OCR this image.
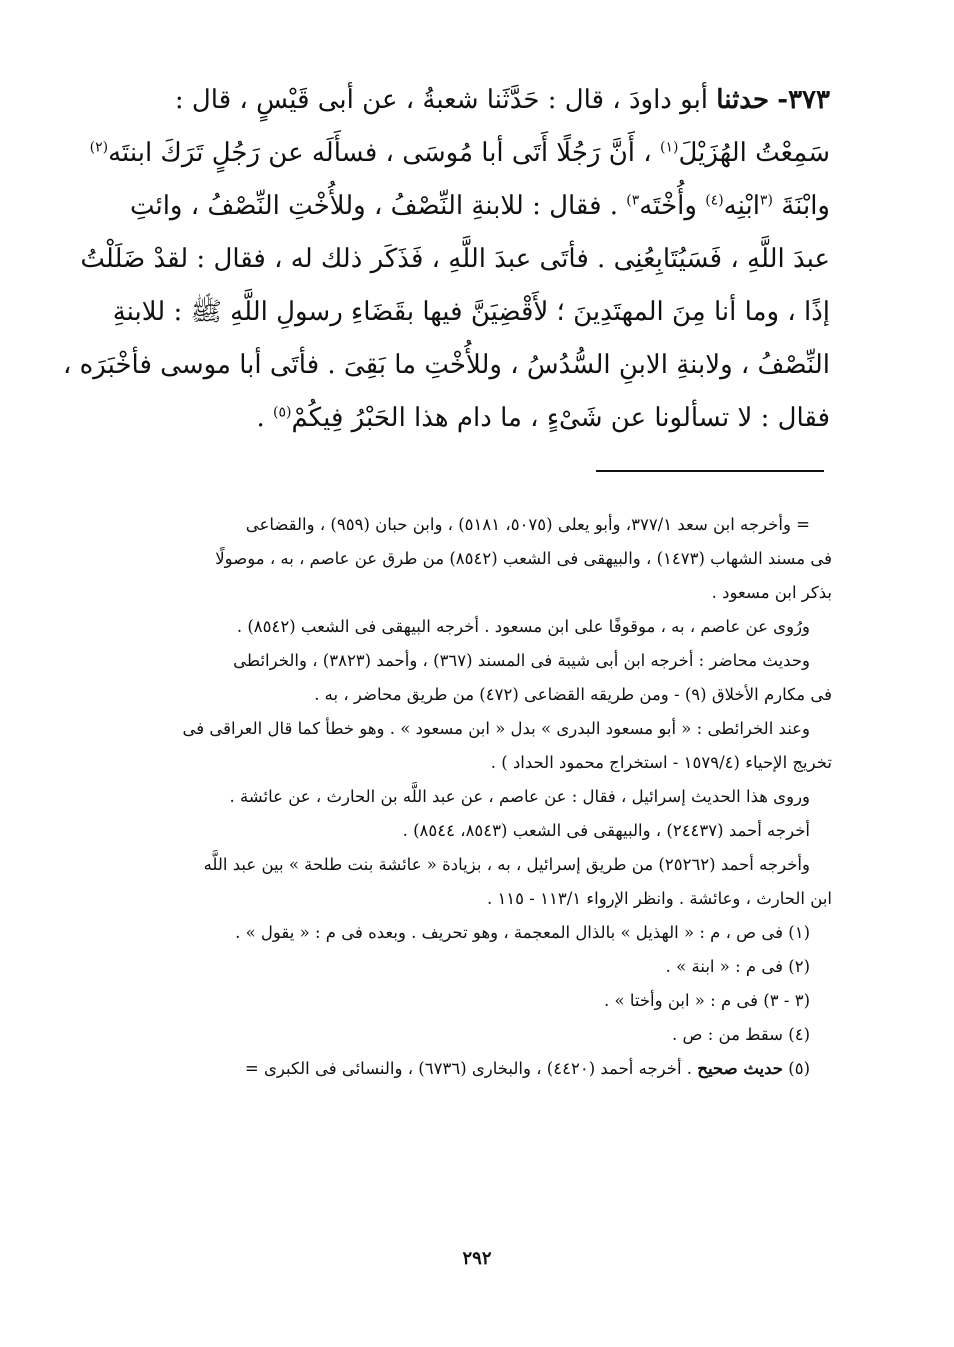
٣٧٣- حدثنا أبو داودَ ، قال : حَدَّثَنا شعبةُ ، عن أبى قَيْسٍ ، قال :
سَمِعْتُ الهُزَيْلَ$^{(١)}$ ، أَنَّ رَجُلًا أَتَى أبا مُوسَى ، فسأَلَه عن رَجُلٍ تَرَكَ ابنتَه$^{(٢)}$
وابْنَةَ $^{(٣}$ابْنِه$^{(٤)}$ وأُخْتَه$^{٣)}$ . فقال : للابنةِ النِّصْفُ ، وللأُخْتِ النِّصْفُ ، وائتِ
عبدَ اللَّهِ ، فَسَيُتَابِعُنِى . فأتَى عبدَ اللَّهِ ، فَذَكَر ذلك له ، فقال : لقدْ ضَلَلْتُ
إذًا ، وما أنا مِنَ المهتَدِينَ ؛ لأَقْضِيَنَّ فيها بقَضَاءِ رسولِ اللَّهِ ﷺ : للابنةِ
النِّصْفُ ، ولابنةِ الابنِ السُّدُسُ ، وللأُخْتِ ما بَقِىَ . فأتَى أبا موسى فأخْبَرَه ،
فقال : لا تسألونا عن شَىْءٍ ، ما دام هذا الحَبْرُ فِيكُمْ$^{(٥)}$ .
= وأخرجه ابن سعد ٣٧٧/١، وأبو يعلى (٥٠٧٥، ٥١٨١) ، وابن حبان (٩٥٩) ، والقضاعى
فى مسند الشهاب (١٤٧٣) ، والبيهقى فى الشعب (٨٥٤٢) من طرق عن عاصم ، به ، موصولًا
بذكر ابن مسعود .
ورُوى عن عاصم ، به ، موقوفًا على ابن مسعود . أخرجه البيهقى فى الشعب (٨٥٤٢) .
وحديث محاضر : أخرجه ابن أبى شيبة فى المسند (٣٦٧) ، وأحمد (٣٨٢٣) ، والخرائطى
فى مكارم الأخلاق (٩) - ومن طريقه القضاعى (٤٧٢) من طريق محاضر ، به .
وعند الخرائطى : « أبو مسعود البدرى » بدل « ابن مسعود » . وهو خطأ كما قال العراقى فى
تخريج الإحياء (١٥٧٩/٤ - استخراج محمود الحداد ) .
وروى هذا الحديث إسرائيل ، فقال : عن عاصم ، عن عبد اللَّه بن الحارث ، عن عائشة .
أخرجه أحمد (٢٤٤٣٧) ، والبيهقى فى الشعب (٨٥٤٣، ٨٥٤٤) .
وأخرجه أحمد (٢٥٢٦٢) من طريق إسرائيل ، به ، بزيادة « عائشة بنت طلحة » بين عبد اللَّه
ابن الحارث ، وعائشة . وانظر الإرواء ١١٣/١ - ١١٥ .
(١) فى ص ، م : « الهذيل » بالذال المعجمة ، وهو تحريف . وبعده فى م : « يقول » .
(٢) فى م : « ابنة » .
(٣ - ٣) فى م : « ابن وأختا » .
(٤) سقط من : ص .
(٥) حديث صحيح . أخرجه أحمد (٤٤٢٠) ، والبخارى (٦٧٣٦) ، والنسائى فى الكبرى =
٢٩٢
